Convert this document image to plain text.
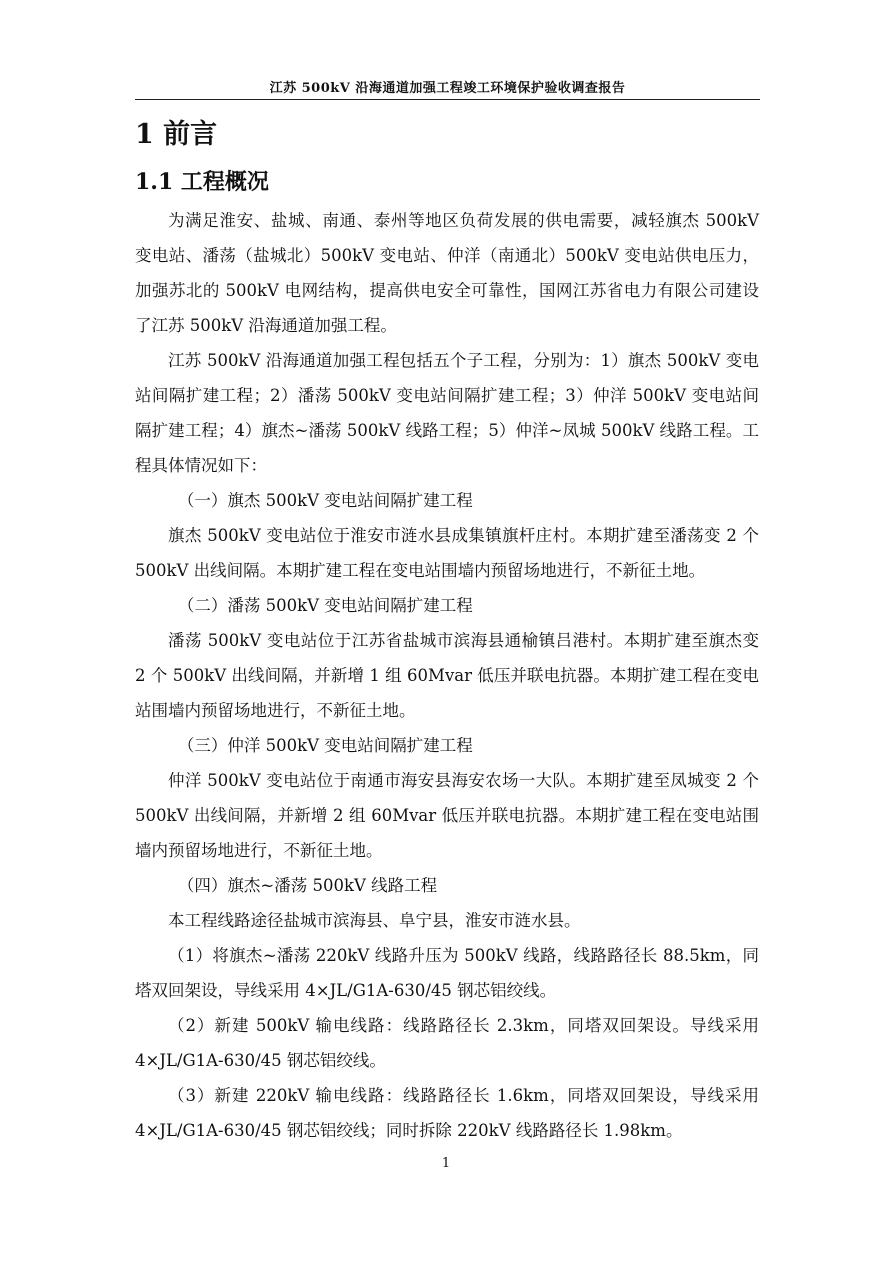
江苏 500kV 沿海通道加强工程竣工环境保护验收调查报告
1 前言
1.1 工程概况

为满足淮安、盐城、南通、泰州等地区负荷发展的供电需要，减轻旗杰 500kV 变电站、潘荡（盐城北）500kV 变电站、仲洋（南通北）500kV 变电站供电压力，加强苏北的 500kV 电网结构，提高供电安全可靠性，国网江苏省电力有限公司建设了江苏 500kV 沿海通道加强工程。

江苏 500kV 沿海通道加强工程包括五个子工程，分别为：1）旗杰 500kV 变电站间隔扩建工程；2）潘荡 500kV 变电站间隔扩建工程；3）仲洋 500kV 变电站间隔扩建工程；4）旗杰~潘荡 500kV 线路工程；5）仲洋~凤城 500kV 线路工程。工程具体情况如下：

（一）旗杰 500kV 变电站间隔扩建工程

旗杰 500kV 变电站位于淮安市涟水县成集镇旗杆庄村。本期扩建至潘荡变 2 个 500kV 出线间隔。本期扩建工程在变电站围墙内预留场地进行，不新征土地。

（二）潘荡 500kV 变电站间隔扩建工程

潘荡 500kV 变电站位于江苏省盐城市滨海县通榆镇吕港村。本期扩建至旗杰变 2 个 500kV 出线间隔，并新增 1 组 60Mvar 低压并联电抗器。本期扩建工程在变电站围墙内预留场地进行，不新征土地。

（三）仲洋 500kV 变电站间隔扩建工程

仲洋 500kV 变电站位于南通市海安县海安农场一大队。本期扩建至凤城变 2 个 500kV 出线间隔，并新增 2 组 60Mvar 低压并联电抗器。本期扩建工程在变电站围墙内预留场地进行，不新征土地。

（四）旗杰~潘荡 500kV 线路工程

本工程线路途径盐城市滨海县、阜宁县，淮安市涟水县。

（1）将旗杰~潘荡 220kV 线路升压为 500kV 线路，线路路径长 88.5km，同塔双回架设，导线采用 4×JL/G1A-630/45 钢芯铝绞线。

（2）新建 500kV 输电线路：线路路径长 2.3km，同塔双回架设。导线采用 4×JL/G1A-630/45 钢芯铝绞线。

（3）新建 220kV 输电线路：线路路径长 1.6km，同塔双回架设，导线采用 4×JL/G1A-630/45 钢芯铝绞线；同时拆除 220kV 线路路径长 1.98km。

1
